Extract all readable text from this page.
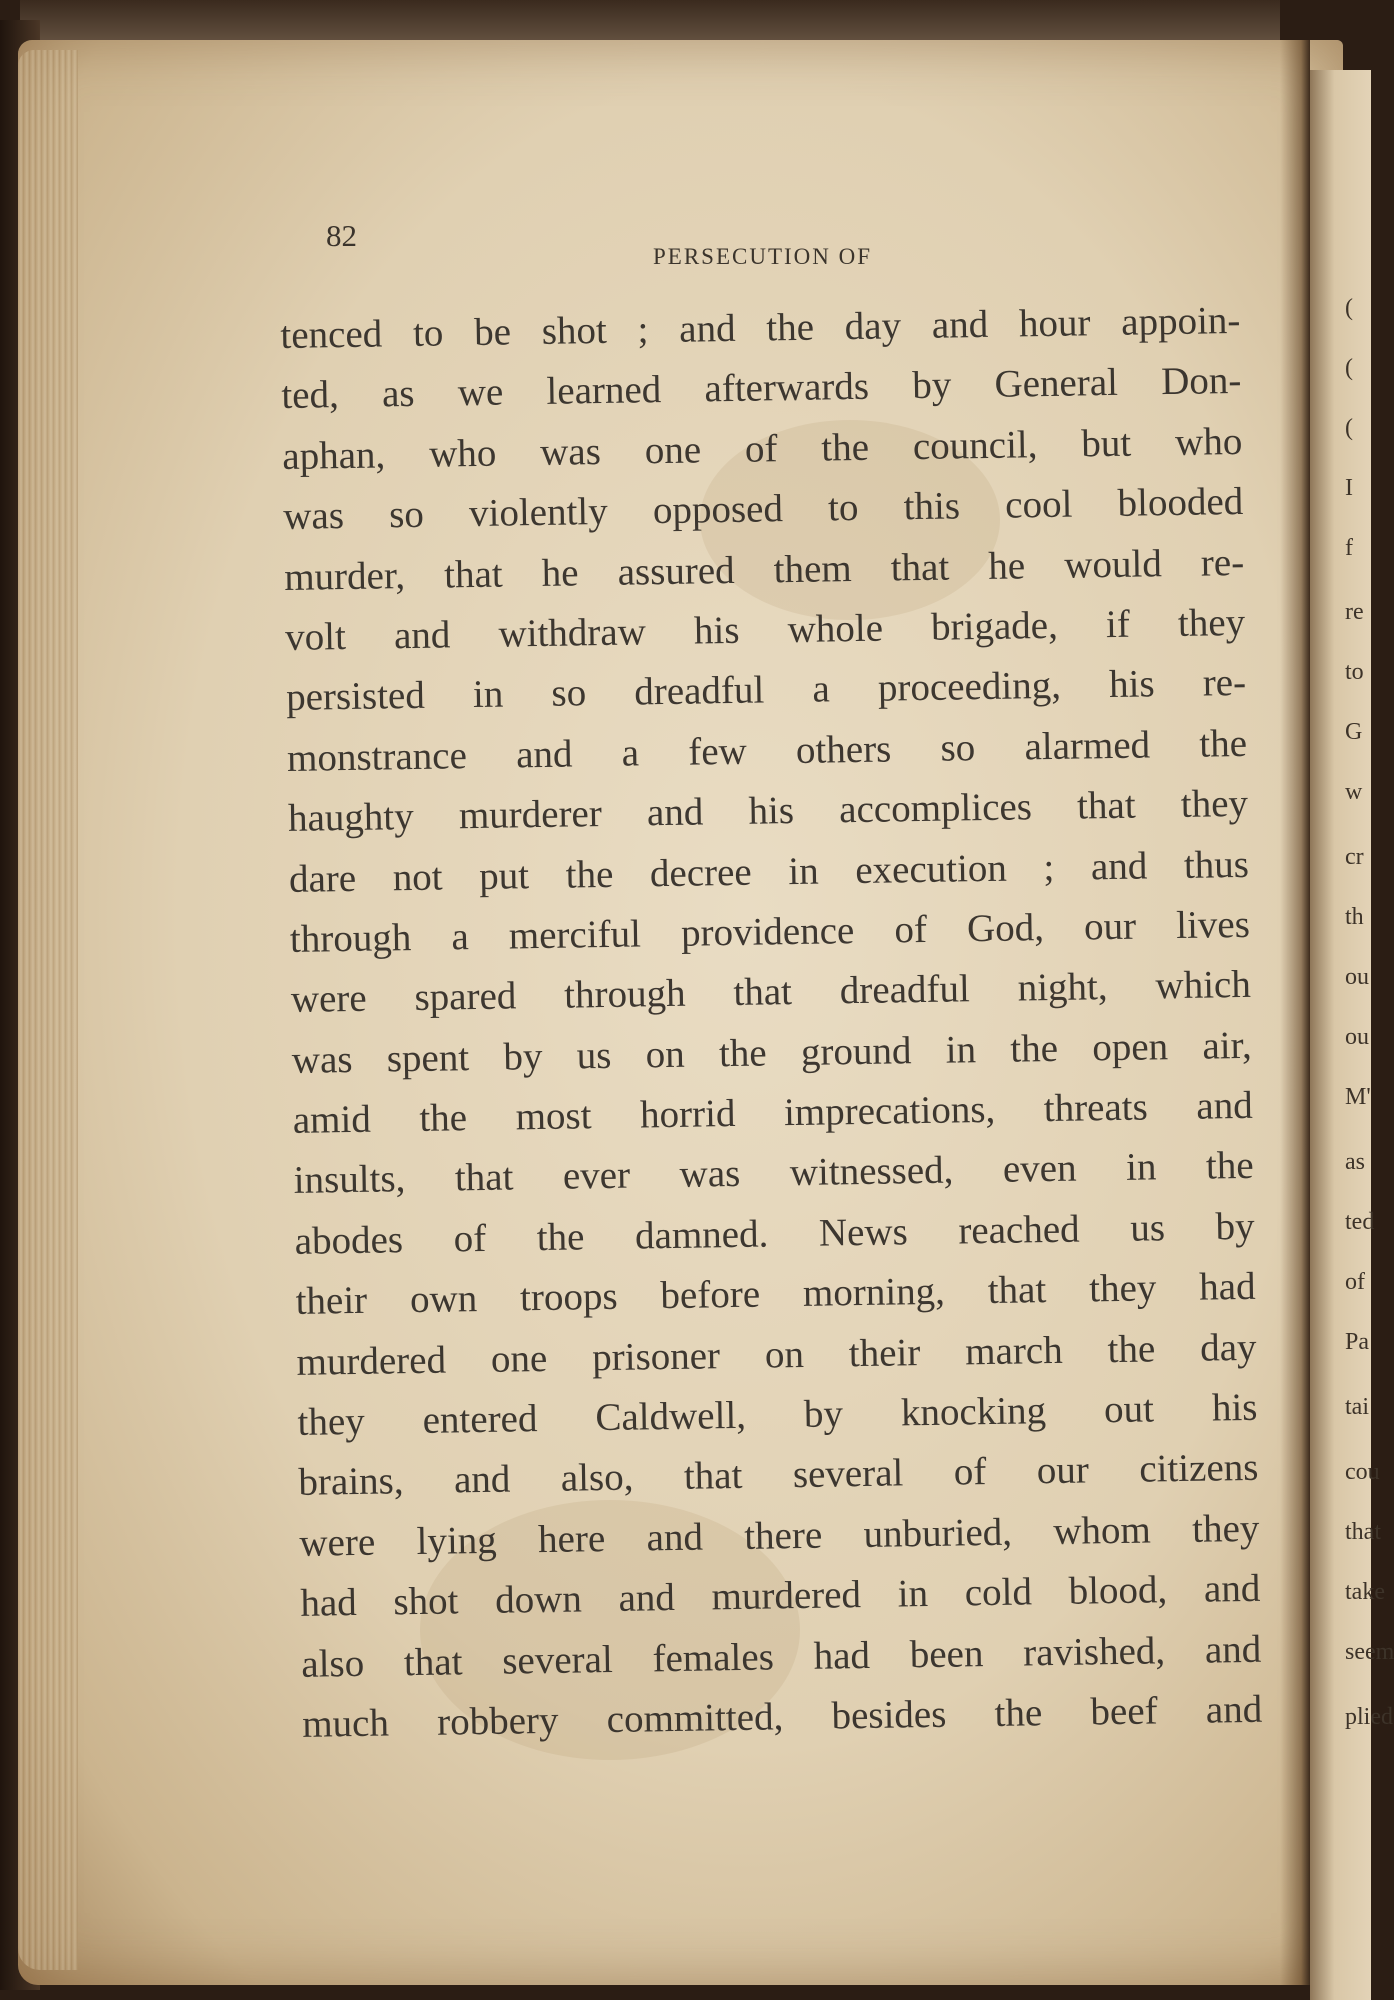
(
(
(
I
f
re
to
G
w
cr
th
ou
ou
M'
as
ted
of
Pa
tai
cou
that
take
seem
plied
82
PERSECUTION OF
tenced to be shot ; and the day and hour appoin-
ted, as we learned afterwards by General Don-
aphan, who was one of the council, but who
was so violently opposed to this cool blooded
murder, that he assured them that he would re-
volt and withdraw his whole brigade, if they
persisted in so dreadful a proceeding, his re-
monstrance and a few others so alarmed the
haughty murderer and his accomplices that they
dare not put the decree in execution ; and thus
through a merciful providence of God, our lives
were spared through that dreadful night, which
was spent by us on the ground in the open air,
amid the most horrid imprecations, threats and
insults, that ever was witnessed, even in the
abodes of the damned. News reached us by
their own troops before morning, that they had
murdered one prisoner on their march the day
they entered Caldwell, by knocking out his
brains, and also, that several of our citizens
were lying here and there unburied, whom they
had shot down and murdered in cold blood, and
also that several females had been ravished, and
much robbery committed, besides the beef and
